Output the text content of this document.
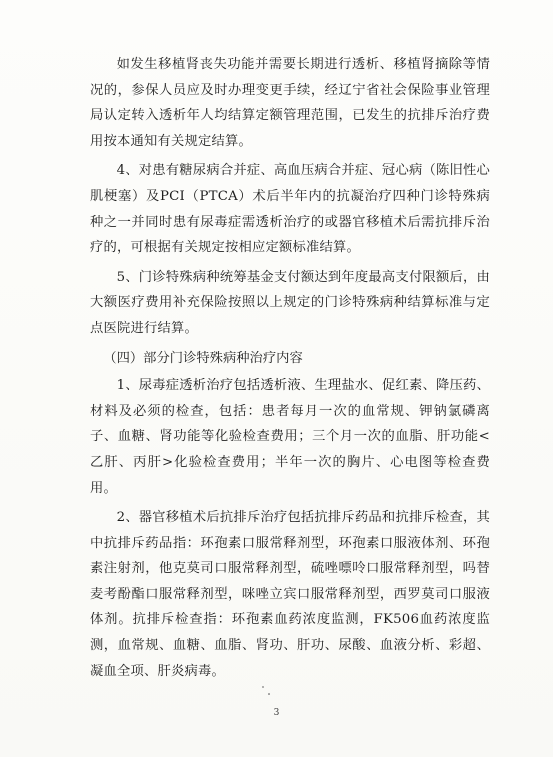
如发生移植肾丧失功能并需要长期进行透析、移植肾摘除等情况的，参保人员应及时办理变更手续，经辽宁省社会保险事业管理局认定转入透析年人均结算定额管理范围，已发生的抗排斥治疗费用按本通知有关规定结算。

4、对患有糖尿病合并症、高血压病合并症、冠心病（陈旧性心肌梗塞）及PCI（PTCA）术后半年内的抗凝治疗四种门诊特殊病种之一并同时患有尿毒症需透析治疗的或器官移植术后需抗排斥治疗的，可根据有关规定按相应定额标准结算。

5、门诊特殊病种统筹基金支付额达到年度最高支付限额后，由大额医疗费用补充保险按照以上规定的门诊特殊病种结算标准与定点医院进行结算。

（四）部分门诊特殊病种治疗内容

1、尿毒症透析治疗包括透析液、生理盐水、促红素、降压药、材料及必须的检查，包括：患者每月一次的血常规、钾钠氯磷离子、血糖、肾功能等化验检查费用；三个月一次的血脂、肝功能<乙肝、丙肝>化验检查费用；半年一次的胸片、心电图等检查费用。

2、器官移植术后抗排斥治疗包括抗排斥药品和抗排斥检查，其中抗排斥药品指：环孢素口服常释剂型，环孢素口服液体剂、环孢素注射剂，他克莫司口服常释剂型，硫唑嘌呤口服常释剂型，吗替麦考酚酯口服常释剂型，咪唑立宾口服常释剂型，西罗莫司口服液体剂。抗排斥检查指：环孢素血药浓度监测，FK506血药浓度监测，血常规、血糖、血脂、肾功、肝功、尿酸、血液分析、彩超、凝血全项、肝炎病毒。

3
